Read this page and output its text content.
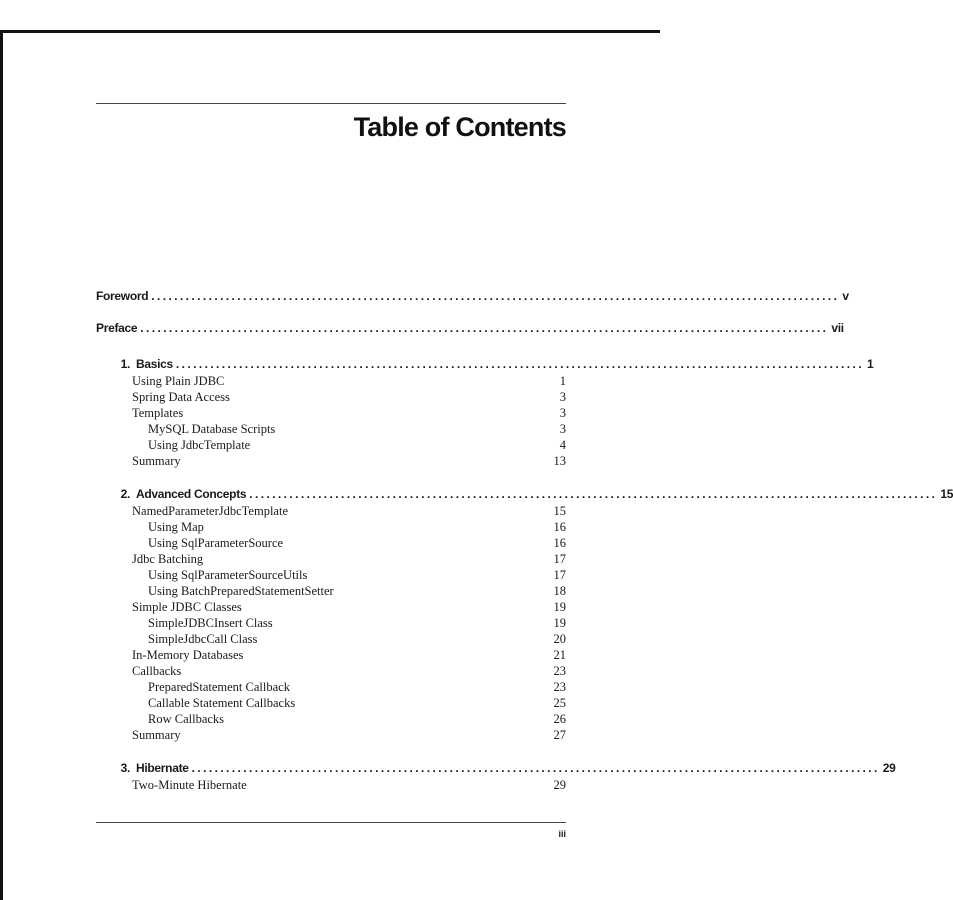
Table of Contents
Foreword ........................................................................................................................ v
Preface ........................................................................................................................ vii
1. Basics ........................................................................................................................ 1
Using Plain JDBC	1
Spring Data Access	3
Templates	3
MySQL Database Scripts	3
Using JdbcTemplate	4
Summary	13
2. Advanced Concepts ........................................................................................................................ 15
NamedParameterJdbcTemplate	15
Using Map	16
Using SqlParameterSource	16
Jdbc Batching	17
Using SqlParameterSourceUtils	17
Using BatchPreparedStatementSetter	18
Simple JDBC Classes	19
SimpleJDBCInsert Class	19
SimpleJdbcCall Class	20
In-Memory Databases	21
Callbacks	23
PreparedStatement Callback	23
Callable Statement Callbacks	25
Row Callbacks	26
Summary	27
3. Hibernate ........................................................................................................................ 29
Two-Minute Hibernate	29
iii
